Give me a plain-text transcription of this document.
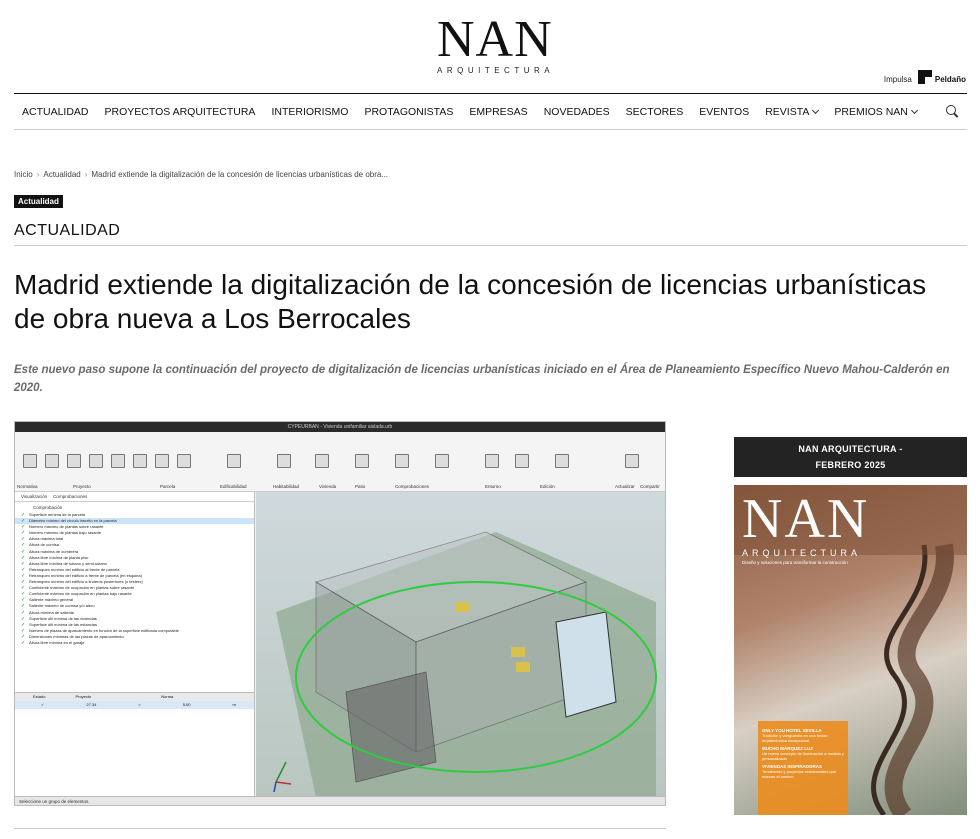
NAN
ARQUITECTURA
Impulsa	Peldaño
ACTUALIDAD PROYECTOS ARQUITECTURA INTERIORISMO PROTAGONISTAS EMPRESAS NOVEDADES SECTORES EVENTOS REVISTA PREMIOS NAN
Inicio › Actualidad › Madrid extiende la digitalización de la concesión de licencias urbanísticas de obra...
Actualidad
ACTUALIDAD
Madrid extiende la digitalización de la concesión de licencias urbanísticas de obra nueva a Los Berrocales

Este nuevo paso supone la continuación del proyecto de digitalización de licencias urbanísticas iniciado en el Área de Planeamiento Específico Nuevo Mahou-Calderón en 2020.

CYPEURBAN - Vivienda unifamiliar aislada.urb
Normativa	Proyecto	Parcela	Edificabilidad	Habitabilidad	Vivienda	Patio	Comprobaciones	Entorno	Edición	Actualizar Compartir
Visualización Comprobaciones
Comprobación
✓ Superficie mínima de la parcela
✓ Diámetro mínimo del círculo inscrito en la parcela
✓ Número máximo de plantas sobre rasante
✓ Número máximo de plantas bajo rasante
✓ Altura máxima total
✓ Altura de cornisa
✓ Altura máxima de cumbrera
✓ Altura libre mínima de planta piso
✓ Altura libre mínima de sótano y semi-sótano
✓ Retranqueo mínimo del edificio al frente de parcela
✓ Retranqueo mínimo del edificio a frente de parcela (en esquina)
✓ Retranqueo mínimo del edificio a linderos posteriores (o testero)
✓ Coeficiente máximo de ocupación en plantas sobre rasante
✓ Coeficiente máximo de ocupación en plantas bajo rasante
✓ Saliente máximo general
✓ Saliente máximo de cornisa y/o alero
✓ Altura mínima de saliente
✓ Superficie útil mínima de las viviendas
✓ Superficie útil mínima de las estancias
✓ Número de plazas de aparcamiento en función de la superficie edificada computable
✓ Dimensiones mínimas de las plazas de aparcamiento
✓ Altura libre mínima en el garaje
Estado	Proyecto	Norma
✓	27.34	>	5.00	m
Seleccione un grupo de elementos.
NAN ARQUITECTURA -
FEBRERO 2025
NAN
ARQUITECTURA
Diseño y soluciones para transformar la construcción
ONLY YOU HOTEL SEVILLA
Tradición y vanguardia en una fusión arquitectónica excepcional
MUCHO MÁRQUEZ LUZ
Un nuevo concepto de iluminación a medida y personalizado
VIVIENDAS INSPIRADORAS
Tendencias y proyectos residenciales que marcan el camino
